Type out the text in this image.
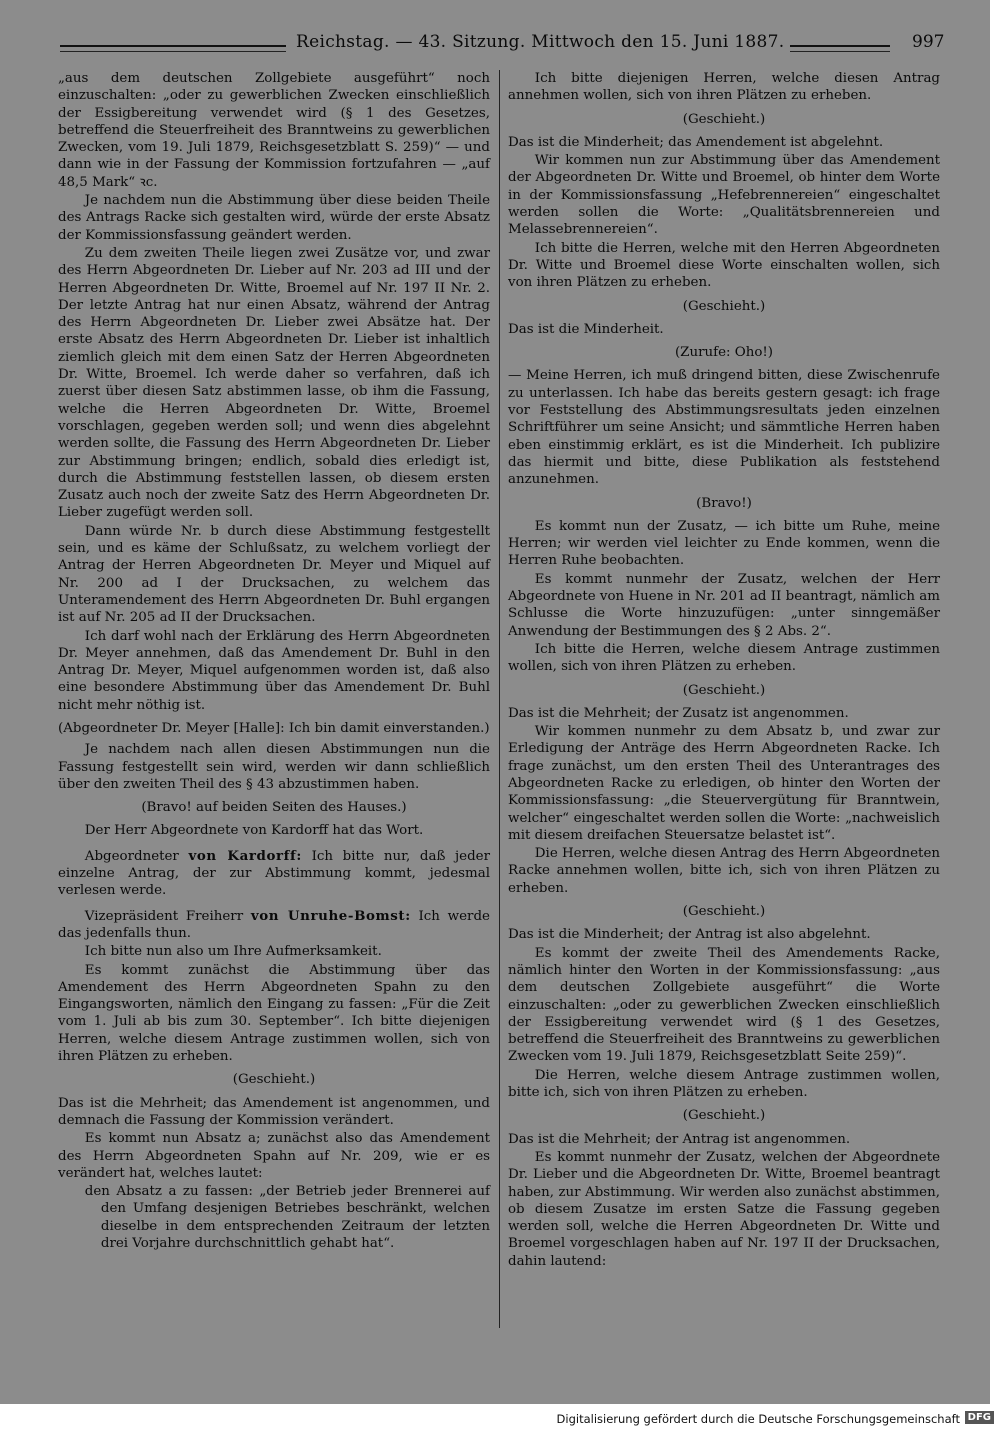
Reichstag. — 43. Sitzung. Mittwoch den 15. Juni 1887.	997

„aus dem deutschen Zollgebiete ausgeführt“ noch einzuschalten: „oder zu gewerblichen Zwecken einschließlich der Essigbereitung verwendet wird (§ 1 des Gesetzes, betreffend die Steuerfreiheit des Branntweins zu gewerblichen Zwecken, vom 19. Juli 1879, Reichsgesetzblatt S. 259)“ — und dann wie in der Fassung der Kommission fortzufahren — „auf 48,5 Mark“ ꝛc.

Je nachdem nun die Abstimmung über diese beiden Theile des Antrags Racke sich gestalten wird, würde der erste Absatz der Kommissionsfassung geändert werden.

Zu dem zweiten Theile liegen zwei Zusätze vor, und zwar des Herrn Abgeordneten Dr. Lieber auf Nr. 203 ad III und der Herren Abgeordneten Dr. Witte, Broemel auf Nr. 197 II Nr. 2. Der letzte Antrag hat nur einen Absatz, während der Antrag des Herrn Abgeordneten Dr. Lieber zwei Absätze hat. Der erste Absatz des Herrn Abgeordneten Dr. Lieber ist inhaltlich ziemlich gleich mit dem einen Satz der Herren Abgeordneten Dr. Witte, Broemel. Ich werde daher so verfahren, daß ich zuerst über diesen Satz abstimmen lasse, ob ihm die Fassung, welche die Herren Abgeordneten Dr. Witte, Broemel vorschlagen, gegeben werden soll; und wenn dies abgelehnt werden sollte, die Fassung des Herrn Abgeordneten Dr. Lieber zur Abstimmung bringen; endlich, sobald dies erledigt ist, durch die Abstimmung feststellen lassen, ob diesem ersten Zusatz auch noch der zweite Satz des Herrn Abgeordneten Dr. Lieber zugefügt werden soll.

Dann würde Nr. b durch diese Abstimmung festgestellt sein, und es käme der Schlußsatz, zu welchem vorliegt der Antrag der Herren Abgeordneten Dr. Meyer und Miquel auf Nr. 200 ad I der Drucksachen, zu welchem das Unteramendement des Herrn Abgeordneten Dr. Buhl ergangen ist auf Nr. 205 ad II der Drucksachen.

Ich darf wohl nach der Erklärung des Herrn Abgeordneten Dr. Meyer annehmen, daß das Amendement Dr. Buhl in den Antrag Dr. Meyer, Miquel aufgenommen worden ist, daß also eine besondere Abstimmung über das Amendement Dr. Buhl nicht mehr nöthig ist.

(Abgeordneter Dr. Meyer [Halle]: Ich bin damit einverstanden.)

Je nachdem nach allen diesen Abstimmungen nun die Fassung festgestellt sein wird, werden wir dann schließlich über den zweiten Theil des § 43 abzustimmen haben.

(Bravo! auf beiden Seiten des Hauses.)

Der Herr Abgeordnete von Kardorff hat das Wort.

Abgeordneter von Kardorff: Ich bitte nur, daß jeder einzelne Antrag, der zur Abstimmung kommt, jedesmal verlesen werde.

Vizepräsident Freiherr von Unruhe-Bomst: Ich werde das jedenfalls thun.

Ich bitte nun also um Ihre Aufmerksamkeit.

Es kommt zunächst die Abstimmung über das Amendement des Herrn Abgeordneten Spahn zu den Eingangsworten, nämlich den Eingang zu fassen: „Für die Zeit vom 1. Juli ab bis zum 30. September“. Ich bitte diejenigen Herren, welche diesem Antrage zustimmen wollen, sich von ihren Plätzen zu erheben.

(Geschieht.)

Das ist die Mehrheit; das Amendement ist angenommen, und demnach die Fassung der Kommission verändert.

Es kommt nun Absatz a; zunächst also das Amendement des Herrn Abgeordneten Spahn auf Nr. 209, wie er es verändert hat, welches lautet:

den Absatz a zu fassen: „der Betrieb jeder Brennerei auf den Umfang desjenigen Betriebes beschränkt, welchen dieselbe in dem entsprechenden Zeitraum der letzten drei Vorjahre durchschnittlich gehabt hat“.

Ich bitte diejenigen Herren, welche diesen Antrag annehmen wollen, sich von ihren Plätzen zu erheben.

(Geschieht.)

Das ist die Minderheit; das Amendement ist abgelehnt.

Wir kommen nun zur Abstimmung über das Amendement der Abgeordneten Dr. Witte und Broemel, ob hinter dem Worte in der Kommissionsfassung „Hefebrennereien“ eingeschaltet werden sollen die Worte: „Qualitätsbrennereien und Melassebrennereien“.

Ich bitte die Herren, welche mit den Herren Abgeordneten Dr. Witte und Broemel diese Worte einschalten wollen, sich von ihren Plätzen zu erheben.

(Geschieht.)

Das ist die Minderheit.

(Zurufe: Oho!)

— Meine Herren, ich muß dringend bitten, diese Zwischenrufe zu unterlassen. Ich habe das bereits gestern gesagt: ich frage vor Feststellung des Abstimmungsresultats jeden einzelnen Schriftführer um seine Ansicht; und sämmtliche Herren haben eben einstimmig erklärt, es ist die Minderheit. Ich publizire das hiermit und bitte, diese Publikation als feststehend anzunehmen.

(Bravo!)

Es kommt nun der Zusatz, — ich bitte um Ruhe, meine Herren; wir werden viel leichter zu Ende kommen, wenn die Herren Ruhe beobachten.

Es kommt nunmehr der Zusatz, welchen der Herr Abgeordnete von Huene in Nr. 201 ad II beantragt, nämlich am Schlusse die Worte hinzuzufügen: „unter sinngemäßer Anwendung der Bestimmungen des § 2 Abs. 2“.

Ich bitte die Herren, welche diesem Antrage zustimmen wollen, sich von ihren Plätzen zu erheben.

(Geschieht.)

Das ist die Mehrheit; der Zusatz ist angenommen.

Wir kommen nunmehr zu dem Absatz b, und zwar zur Erledigung der Anträge des Herrn Abgeordneten Racke. Ich frage zunächst, um den ersten Theil des Unterantrages des Abgeordneten Racke zu erledigen, ob hinter den Worten der Kommissionsfassung: „die Steuervergütung für Branntwein, welcher“ eingeschaltet werden sollen die Worte: „nachweislich mit diesem dreifachen Steuersatze belastet ist“.

Die Herren, welche diesen Antrag des Herrn Abgeordneten Racke annehmen wollen, bitte ich, sich von ihren Plätzen zu erheben.

(Geschieht.)

Das ist die Minderheit; der Antrag ist also abgelehnt.

Es kommt der zweite Theil des Amendements Racke, nämlich hinter den Worten in der Kommissionsfassung: „aus dem deutschen Zollgebiete ausgeführt“ die Worte einzuschalten: „oder zu gewerblichen Zwecken einschließlich der Essigbereitung verwendet wird (§ 1 des Gesetzes, betreffend die Steuerfreiheit des Branntweins zu gewerblichen Zwecken vom 19. Juli 1879, Reichsgesetzblatt Seite 259)“.

Die Herren, welche diesem Antrage zustimmen wollen, bitte ich, sich von ihren Plätzen zu erheben.

(Geschieht.)

Das ist die Mehrheit; der Antrag ist angenommen.

Es kommt nunmehr der Zusatz, welchen der Abgeordnete Dr. Lieber und die Abgeordneten Dr. Witte, Broemel beantragt haben, zur Abstimmung. Wir werden also zunächst abstimmen, ob diesem Zusatze im ersten Satze die Fassung gegeben werden soll, welche die Herren Abgeordneten Dr. Witte und Broemel vorgeschlagen haben auf Nr. 197 II der Drucksachen, dahin lautend:

Digitalisierung gefördert durch die Deutsche Forschungsgemeinschaft DFG
